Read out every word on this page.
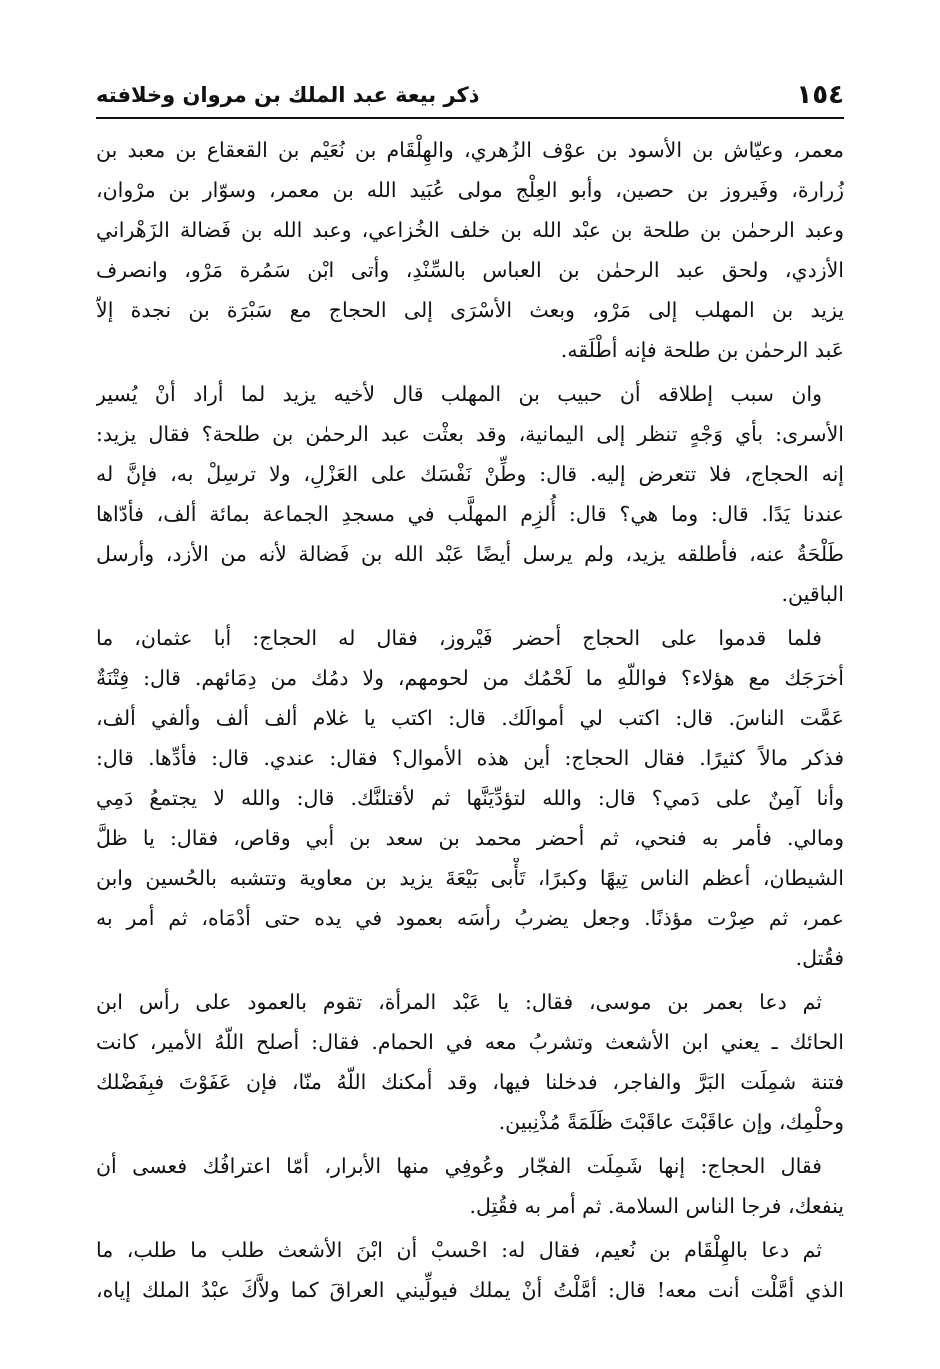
١٥٤
ذكر بيعة عبد الملك بن مروان وخلافته
معمر، وعيّاش بن الأسود بن عوْف الزُهري، والهِلْقَام بن نُعَيْم بن القعقاع بن معبد بن
زُرارة، وفَيروز بن حصين، وأبو العِلْج مولى عُبَيد الله بن معمر، وسوّار بن مرْوان،
وعبد الرحمٰن بن طلحة بن عبْد الله بن خلف الخُزاعي، وعبد الله بن فَضالة الزَهْراني
الأزدي، ولحق عبد الرحمٰن بن العباس بالسِّنْدِ، وأتى ابْن سَمُرة مَرْو، وانصرف
يزيد بن المهلب إلى مَرْو، وبعث الأسْرَى إلى الحجاج مع سَبْرَة بن نجدة إلاّ
عَبد الرحمٰن بن طلحة فإنه أطْلَقه.
وان سبب إطلاقه أن حبيب بن المهلب قال لأخيه يزيد لما أراد أنْ يُسير
الأسرى: بأي وَجْهٍ تنظر إلى اليمانية، وقد بعثْت عبد الرحمٰن بن طلحة؟ فقال يزيد:
إنه الحجاج، فلا تتعرض إليه. قال: وطِّنْ نَفْسَك على العَزْلِ، ولا ترسِلْ به، فإنَّ له
عندنا يَدًا. قال: وما هي؟ قال: أُلزِم المهلَّب في مسجدِ الجماعة بمائة ألف، فأدّاها
طَلْحَةُ عنه، فأطلقه يزيد، ولم يرسل أيضًا عَبْد الله بن فَضالة لأنه من الأزد، وأرسل
الباقين.
فلما قدموا على الحجاج أحضر فَيْروز، فقال له الحجاج: أبا عثمان، ما
أخرَجَك مع هؤلاء؟ فواللّهِ ما لَحْمُك من لحومهم، ولا دمُك من دِمَائهم. قال: فِتْنَةٌ
عَمَّت الناسَ. قال: اكتب لي أموالَك. قال: اكتب يا غلام ألف ألف وألفي ألف،
فذكر مالاً كثيرًا. فقال الحجاج: أين هذه الأموال؟ فقال: عندي. قال: فأدِّها. قال:
وأنا آمِنٌ على دَمي؟ قال: والله لتؤدِّيَنَّها ثم لأقتلنَّك. قال: والله لا يجتمعُ دَمِي
ومالي. فأمر به فنحي، ثم أحضر محمد بن سعد بن أبي وقاص، فقال: يا ظلَّ
الشيطان، أعظم الناس تِيهًا وكبرًا، تَأْبى بَيْعَةَ يزيد بن معاوية وتتشبه بالحُسين وابن
عمر، ثم صِرْت مؤذنًا. وجعل يضربُ رأسَه بعمود في يده حتى أدْمَاه، ثم أمر به
فقُتل.
ثم دعا بعمر بن موسى، فقال: يا عَبْد المرأة، تقوم بالعمود على رأس ابن
الحائك ـ يعني ابن الأشعث وتشربُ معه في الحمام. فقال: أصلح اللّهُ الأمير، كانت
فتنة شمِلَت البَرَّ والفاجر، فدخلنا فيها، وقد أمكنك اللّهُ منّا، فإن عَفَوْتَ فبِفَضْلك
وحلْمِك، وإن عاقَبْتَ عاقَبْتَ ظَلَمَةً مُذْنِبين.
فقال الحجاج: إنها شَمِلَت الفجّار وعُوفِي منها الأبرار، أمّا اعترافُك فعسى أن
ينفعك، فرجا الناس السلامة. ثم أمر به فقُتِل.
ثم دعا بالهِلْقَام بن نُعيم، فقال له: احْسبْ أن ابْنَ الأشعث طلب ما طلب، ما
الذي أمَّلْت أنت معه! قال: أمَّلْتُ أنْ يملك فيولِّيني العراقَ كما ولاَّكَ عبْدُ الملك إياه،
